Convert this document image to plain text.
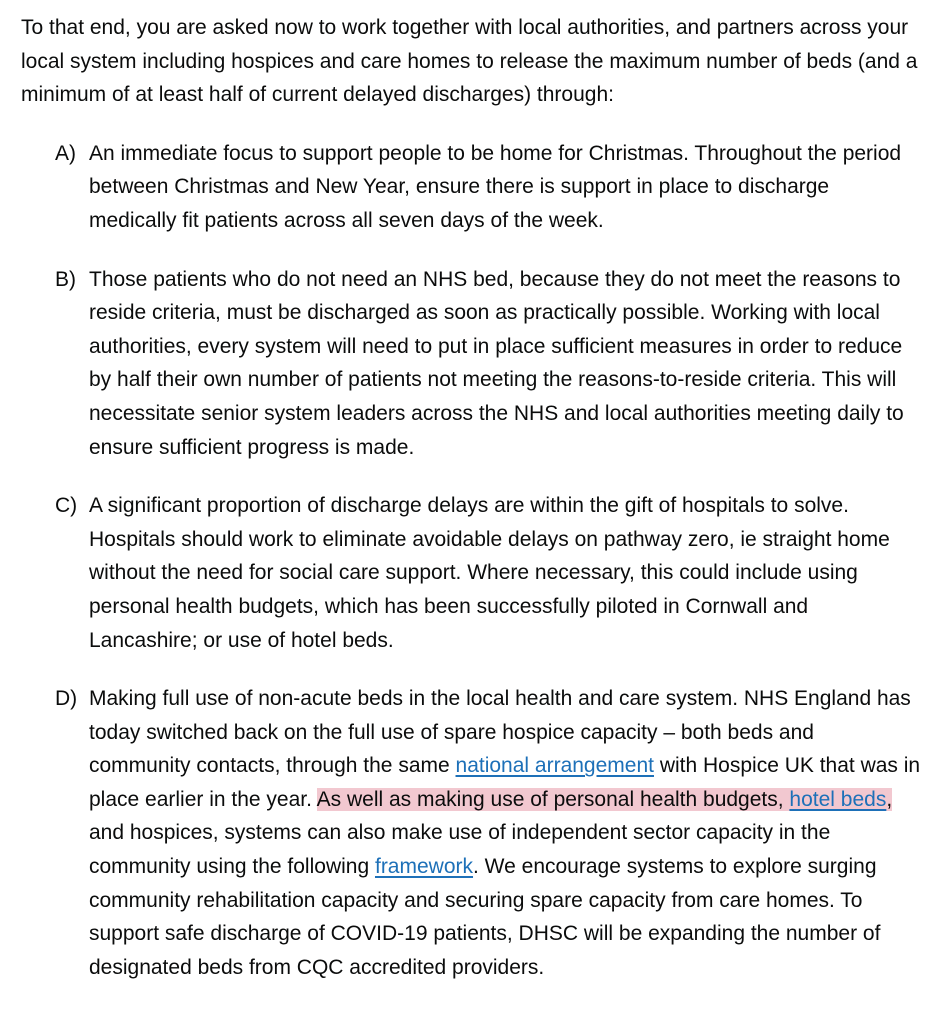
To that end, you are asked now to work together with local authorities, and partners across your local system including hospices and care homes to release the maximum number of beds (and a minimum of at least half of current delayed discharges) through:

A) An immediate focus to support people to be home for Christmas. Throughout the period between Christmas and New Year, ensure there is support in place to discharge medically fit patients across all seven days of the week.
B) Those patients who do not need an NHS bed, because they do not meet the reasons to reside criteria, must be discharged as soon as practically possible. Working with local authorities, every system will need to put in place sufficient measures in order to reduce by half their own number of patients not meeting the reasons-to-reside criteria. This will necessitate senior system leaders across the NHS and local authorities meeting daily to ensure sufficient progress is made.
C) A significant proportion of discharge delays are within the gift of hospitals to solve. Hospitals should work to eliminate avoidable delays on pathway zero, ie straight home without the need for social care support. Where necessary, this could include using personal health budgets, which has been successfully piloted in Cornwall and Lancashire; or use of hotel beds.
D) Making full use of non-acute beds in the local health and care system. NHS England has today switched back on the full use of spare hospice capacity – both beds and community contacts, through the same national arrangement with Hospice UK that was in place earlier in the year. As well as making use of personal health budgets, hotel beds, and hospices, systems can also make use of independent sector capacity in the community using the following framework. We encourage systems to explore surging community rehabilitation capacity and securing spare capacity from care homes. To support safe discharge of COVID-19 patients, DHSC will be expanding the number of designated beds from CQC accredited providers.
